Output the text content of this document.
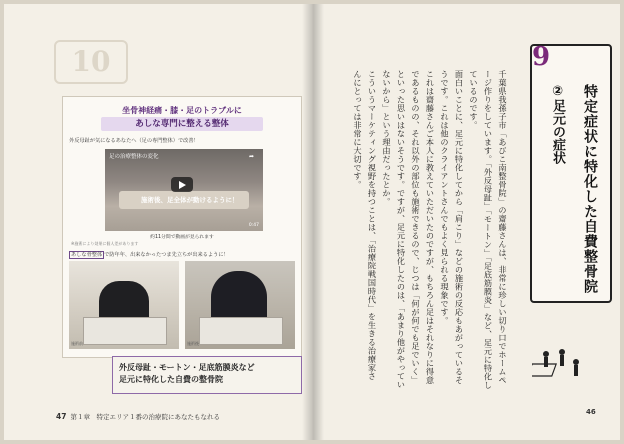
10
坐骨神経痛・膝・足のトラブルに
あしな専門に整える整体
外反母趾が気になるあなたへ（足の専門整体）で改善！
足の治療整体の変化	➦
施術後、足全体が動けるように！
0:47
約11分間で動画が見られます
※施術により効果に個人差があります
あしな骨整体 で防年年、出来なかったつま先立ちが出来るように！
施術前	施術後
外反母趾・モートン・足底筋膜炎など
足元に特化した自費の整骨院
47 第１章　特定エリア１番の治療院にあなたもなれる
9
特定症状に特化した自費整骨院
②足元の症状
千葉県我孫子市「あびこ南整骨院」の齋藤さんは、非常に珍しい切り口でホームペ
ージ作りをしています。「外反母趾」「モートン」「足底筋膜炎」など、足元に特化し
ているのです。
面白いことに、足元に特化してから「肩こり」などの施術の反応もあがっているそ
うです。これは他のクライアントさんでもよく見られる現象です。
これは齋藤さんご本人に教えていただいたのですが、もちろん足はそれなりに得意
であるものの、それ以外の部位も施術できるので、じつは「何が何でも足でいく」
といった思いはないそうです。ですが、足元に特化したのは、「あまり他がやってい
ないから」という理由だったとか。
こういうマーケティング視野を持つことは、「治療院戦国時代」を生きる治療家さ
んにとっては非常に大切です。
46
